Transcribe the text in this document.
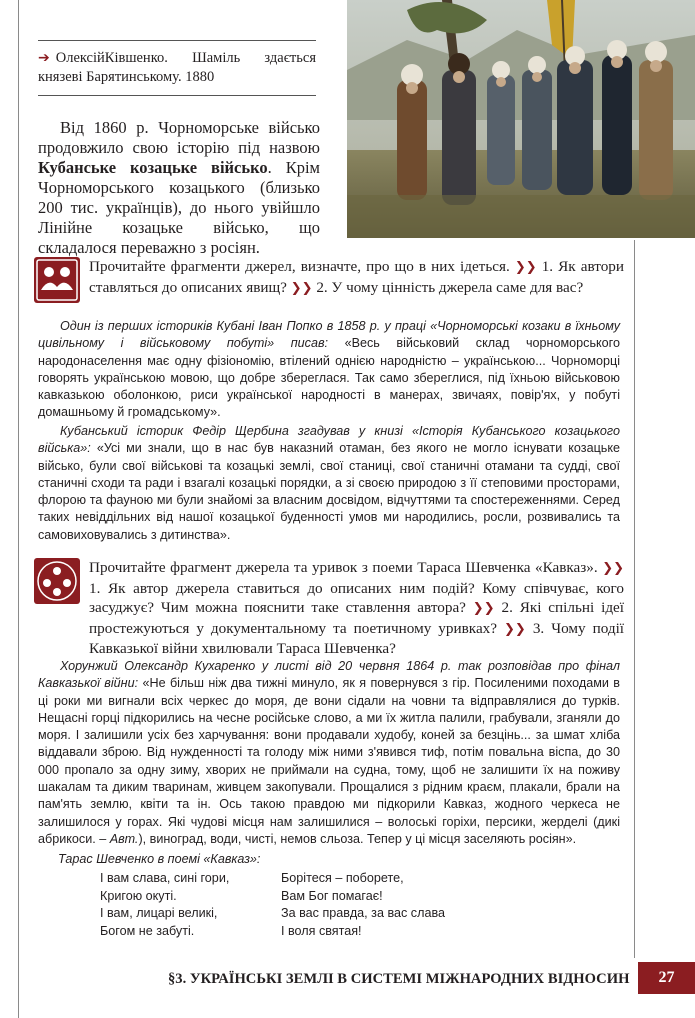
➔ ОлексійКівшенко. Шаміль здається князеві Барятинському. 1880

Від 1860 р. Чорноморське військо продовжило свою історію під назвою Кубанське козацьке військо. Крім Чорноморського козацького (близько 200 тис. українців), до нього увійшло Лінійне козацьке військо, що складалося переважно з росіян.

Прочитайте фрагменти джерел, визначте, про що в них ідеться. ❯❯ 1. Як автори ставляться до описаних явищ? ❯❯ 2. У чому цінність джерела саме для вас?

Один із перших істориків Кубані Іван Попко в 1858 р. у праці «Чорноморські козаки в їхньому цивільному і військовому побуті» писав: «Весь військовий склад чорноморського народонаселення має одну фізіономію, втілений однією народністю – українською... Чорноморці говорять українською мовою, що добре збереглася. Так само збереглися, під їхньою військовою кавказькою оболонкою, риси української народності в манерах, звичаях, повір'ях, у побуті домашньому й громадському».

Кубанський історик Федір Щербина згадував у книзі «Історія Кубанського козацького війська»: «Усі ми знали, що в нас був наказний отаман, без якого не могло існувати козацьке військо, були свої військові та козацькі землі, свої станиці, свої станичні отамани та судді, свої станичні сходи та ради і взагалі козацькі порядки, а зі своєю природою з її степовими просторами, флорою та фауною ми були знайомі за власним досвідом, відчуттями та спостереженнями. Серед таких невіддільних від нашої козацької буденності умов ми народились, росли, розвивались та самовиховувались з дитинства».

Прочитайте фрагмент джерела та уривок з поеми Тараса Шевченка «Кавказ». ❯❯ 1. Як автор джерела ставиться до описаних ним подій? Кому співчуває, кого засуджує? Чим можна пояснити таке ставлення автора? ❯❯ 2. Які спільні ідеї простежуються у документальному та поетичному уривках? ❯❯ 3. Чому події Кавказької війни хвилювали Тараса Шевченка?

Хорунжий Олександр Кухаренко у листі від 20 червня 1864 р. так розповідав про фінал Кавказької війни: «Не більш ніж два тижні минуло, як я повернувся з гір. Посиленими походами в ці роки ми вигнали всіх черкес до моря, де вони сідали на човни та відправлялися до турків. Нещасні горці підкорились на чесне російське слово, а ми їх житла палили, грабували, зганяли до моря. І залишили усіх без харчування: вони продавали худобу, коней за безцінь... за шмат хліба віддавали зброю. Від нужденності та голоду між ними з'явився тиф, потім повальна віспа, до 30 000 пропало за одну зиму, хворих не приймали на судна, тому, щоб не залишити їх на поживу шакалам та диким тваринам, живцем закопували. Прощалися з рідним краєм, плакали, брали на пам'ять землю, квіти та ін. Ось такою правдою ми підкорили Кавказ, жодного черкеса не залишилося у горах. Які чудові місця нам залишилися – волоські горіхи, персики, жерделі (дикі абрикоси. – Авт.), виноград, води, чисті, немов сльоза. Тепер у ці місця заселяють росіян».

Тарас Шевченко в поемі «Кавказ»:
І вам слава, сині гори,
Кригою окуті.
І вам, лицарі великі,
Богом не забуті.
Борітеся – поборете,
Вам Бог помагає!
За вас правда, за вас слава
І воля святая!
§3. УКРАЇНСЬКІ ЗЕМЛІ В СИСТЕМІ МІЖНАРОДНИХ ВІДНОСИН	27
